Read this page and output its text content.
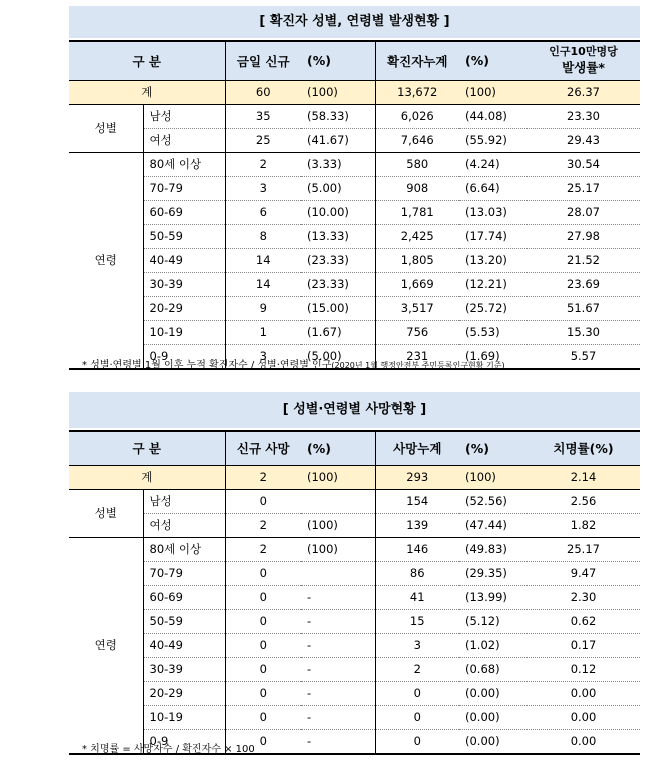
[ 확진자 성별, 연령별 발생현황 ]
구 분		금일 신규	(%)	확진자누계	(%)	인구10만명당
발생률*

계		60	(100)	13,672	(100)	26.37
성별	남성	35	(58.33)	6,026	(44.08)	23.30
	여성	25	(41.67)	7,646	(55.92)	29.43
연령	80세 이상	2	(3.33)	580	(4.24)	30.54
	70-79	3	(5.00)	908	(6.64)	25.17
	60-69	6	(10.00)	1,781	(13.03)	28.07
	50-59	8	(13.33)	2,425	(17.74)	27.98
	40-49	14	(23.33)	1,805	(13.20)	21.52
	30-39	14	(23.33)	1,669	(12.21)	23.69
	20-29	9	(15.00)	3,517	(25.72)	51.67
	10-19	1	(1.67)	756	(5.53)	15.30
	0-9	3	(5.00)	231	(1.69)	5.57
* 성별·연령별 1월 이후 누적 확진자수 / 성별·연령별 인구(2020년 1월 행정안전부 주민등록인구현황 기준)
[ 성별·연령별 사망현황 ]
구 분		신규 사망	(%)	사망누계	(%)	치명률(%)
계		2	(100)	293	(100)	2.14
성별	남성	0		154	(52.56)	2.56
	여성	2	(100)	139	(47.44)	1.82
연령	80세 이상	2	(100)	146	(49.83)	25.17
	70-79	0		86	(29.35)	9.47
	60-69	0	-	41	(13.99)	2.30
	50-59	0	-	15	(5.12)	0.62
	40-49	0	-	3	(1.02)	0.17
	30-39	0	-	2	(0.68)	0.12
	20-29	0	-	0	(0.00)	0.00
	10-19	0	-	0	(0.00)	0.00
	0-9	0	-	0	(0.00)	0.00
* 치명률 = 사망자수 / 확진자수 × 100
